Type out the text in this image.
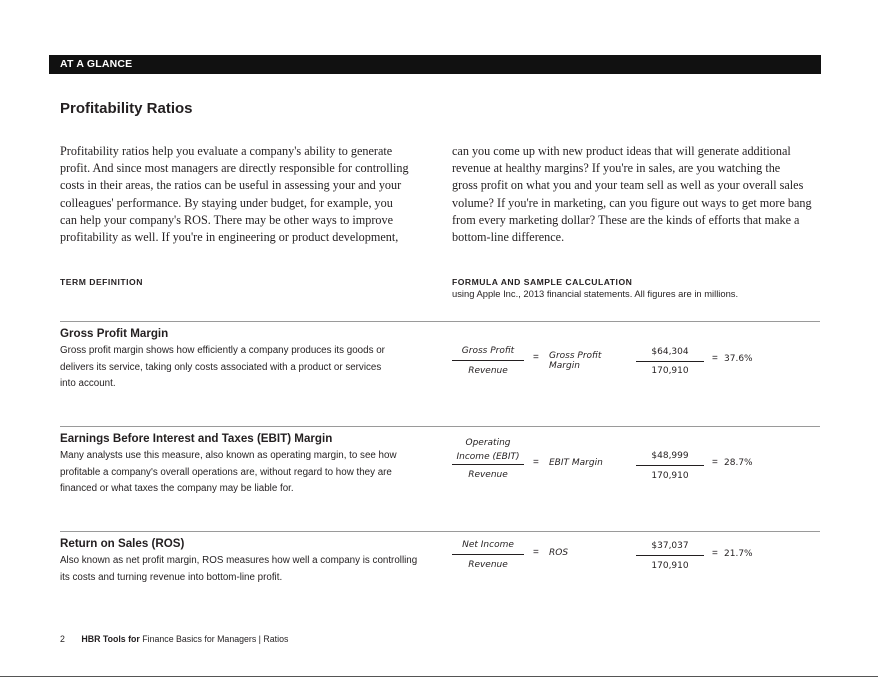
AT A GLANCE
Profitability Ratios
Profitability ratios help you evaluate a company's ability to generate
profit. And since most managers are directly responsible for controlling
costs in their areas, the ratios can be useful in assessing your and your
colleagues' performance. By staying under budget, for example, you
can help your company's ROS. There may be other ways to improve
profitability as well. If you're in engineering or product development,
can you come up with new product ideas that will generate additional
revenue at healthy margins? If you're in sales, are you watching the
gross profit on what you and your team sell as well as your overall sales
volume? If you're in marketing, can you figure out ways to get more bang
from every marketing dollar? These are the kinds of efforts that make a
bottom-line difference.
TERM DEFINITION	FORMULA AND SAMPLE CALCULATION
using Apple Inc., 2013 financial statements. All figures are in millions.
Gross Profit Margin
Gross profit margin shows how efficiently a company produces its goods or
delivers its service, taking only costs associated with a product or services
into account.
Gross Profit
Revenue
= Gross Profit
Margin
$64,304
170,910
= 37.6%
Earnings Before Interest and Taxes (EBIT) Margin
Many analysts use this measure, also known as operating margin, to see how
profitable a company's overall operations are, without regard to how they are
financed or what taxes the company may be liable for.
Operating
Income (EBIT)
Revenue
= EBIT Margin
$48,999
170,910
= 28.7%
Return on Sales (ROS)
Also known as net profit margin, ROS measures how well a company is controlling
its costs and turning revenue into bottom-line profit.
Net Income
Revenue
= ROS
$37,037
170,910
= 21.7%
2 HBR Tools for Finance Basics for Managers | Ratios
